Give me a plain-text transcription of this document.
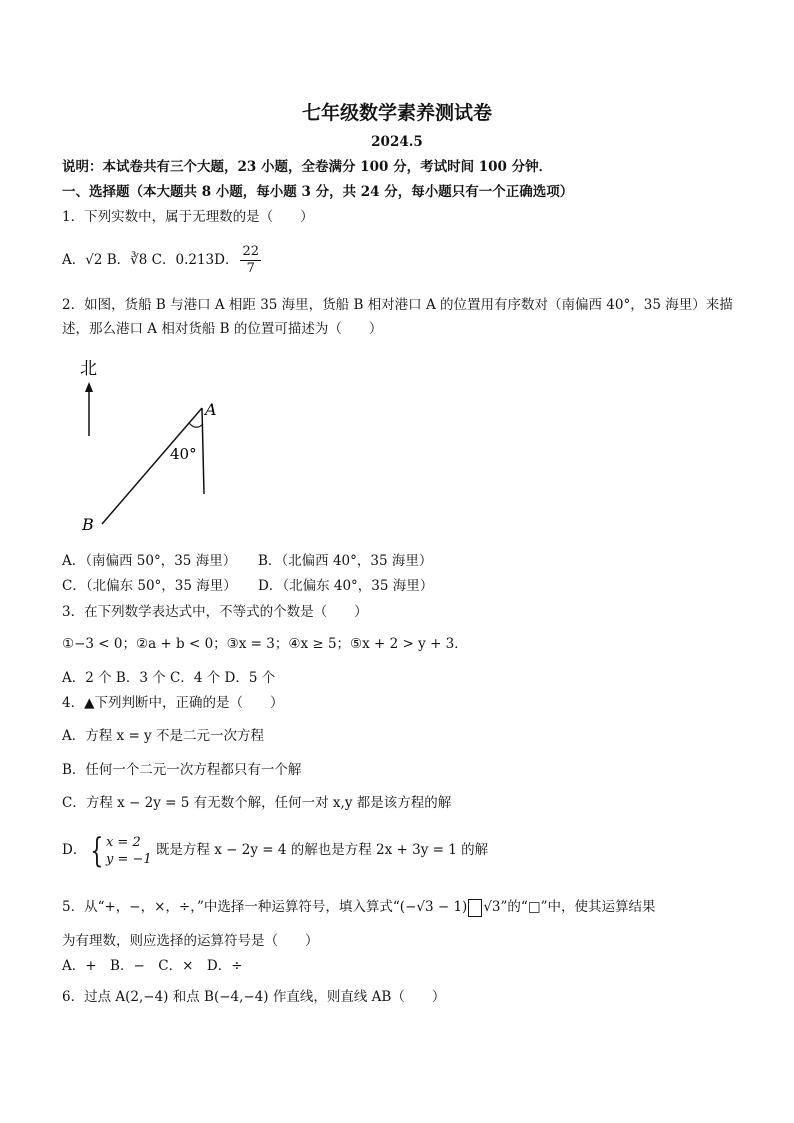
七年级数学素养测试卷
2024.5
说明：本试卷共有三个大题，23 小题，全卷满分 100 分，考试时间 100 分钟．
一、选择题（本大题共 8 小题，每小题 3 分，共 24 分，每小题只有一个正确选项）
1．下列实数中，属于无理数的是（　　）
A．√2 B．∛8 C．0.213D． $\frac{22}{7}$
2．如图，货船 B 与港口 A 相距 35 海里，货船 B 相对港口 A 的位置用有序数对（南偏西 40°，35 海里）来描
述，那么港口 A 相对货船 B 的位置可描述为（　　）
北
A
40°
B
A．（南偏西 50°，35 海里） B．（北偏西 40°，35 海里）
C．（北偏东 50°，35 海里） D．（北偏东 40°，35 海里）
3．在下列数学表达式中，不等式的个数是（　　）
①−3 < 0；②a + b < 0；③x = 3；④x ≥ 5；⑤x + 2 > y + 3．
A．2 个 B．3 个 C．4 个 D．5 个
4．▲下列判断中，正确的是（　　）
A．方程 x = y 不是二元一次方程
B．任何一个二元一次方程都只有一个解
C．方程 x − 2y = 5 有无数个解，任何一对 x,y 都是该方程的解
D． { x = 2
y = −1
既是方程 x − 2y = 4 的解也是方程 2x + 3y = 1 的解
5．从“+，−，×，÷，”中选择一种运算符号，填入算式“(−√3 − 1) √3”的“□”中，使其运算结果
为有理数，则应选择的运算符号是（　　）
A．+　B．−　C．×　D．÷
6．过点 A(2,−4) 和点 B(−4,−4) 作直线，则直线 AB（　　）
